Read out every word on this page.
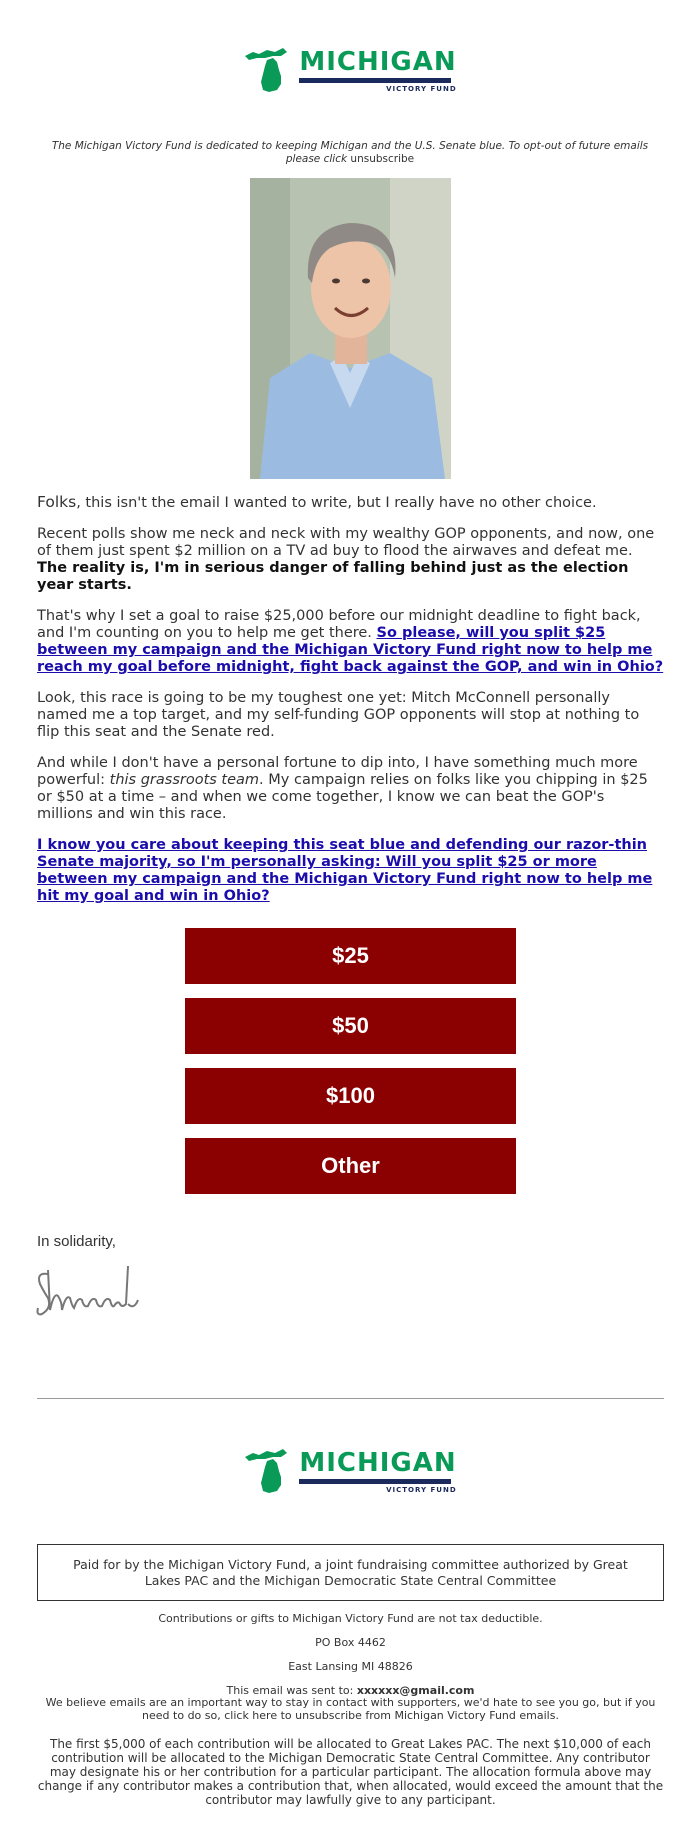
MICHIGAN
VICTORY FUND
The Michigan Victory Fund is dedicated to keeping Michigan and the U.S. Senate blue. To opt-out of future emails please click unsubscribe
Folks, this isn't the email I wanted to write, but I really have no other choice.
Recent polls show me neck and neck with my wealthy GOP opponents, and now, one of them just spent $2 million on a TV ad buy to flood the airwaves and defeat me. The reality is, I'm in serious danger of falling behind just as the election year starts.
That's why I set a goal to raise $25,000 before our midnight deadline to fight back, and I'm counting on you to help me get there. So please, will you split $25 between my campaign and the Michigan Victory Fund right now to help me reach my goal before midnight, fight back against the GOP, and win in Ohio?
Look, this race is going to be my toughest one yet: Mitch McConnell personally named me a top target, and my self-funding GOP opponents will stop at nothing to flip this seat and the Senate red.
And while I don't have a personal fortune to dip into, I have something much more powerful: this grassroots team. My campaign relies on folks like you chipping in $25 or $50 at a time – and when we come together, I know we can beat the GOP's millions and win this race.
I know you care about keeping this seat blue and defending our razor-thin Senate majority, so I'm personally asking: Will you split $25 or more between my campaign and the Michigan Victory Fund right now to help me hit my goal and win in Ohio?
$25
$50
$100
Other
In solidarity,
MICHIGAN
VICTORY FUND
Paid for by the Michigan Victory Fund, a joint fundraising committee authorized by Great Lakes PAC and the Michigan Democratic State Central Committee
Contributions or gifts to Michigan Victory Fund are not tax deductible.
PO Box 4462
East Lansing MI 48826
This email was sent to: xxxxxx@gmail.com
We believe emails are an important way to stay in contact with supporters, we'd hate to see you go, but if you need to do so, click here to unsubscribe from Michigan Victory Fund emails.
The first $5,000 of each contribution will be allocated to Great Lakes PAC. The next $10,000 of each contribution will be allocated to the Michigan Democratic State Central Committee. Any contributor may designate his or her contribution for a particular participant. The allocation formula above may change if any contributor makes a contribution that, when allocated, would exceed the amount that the contributor may lawfully give to any participant.
